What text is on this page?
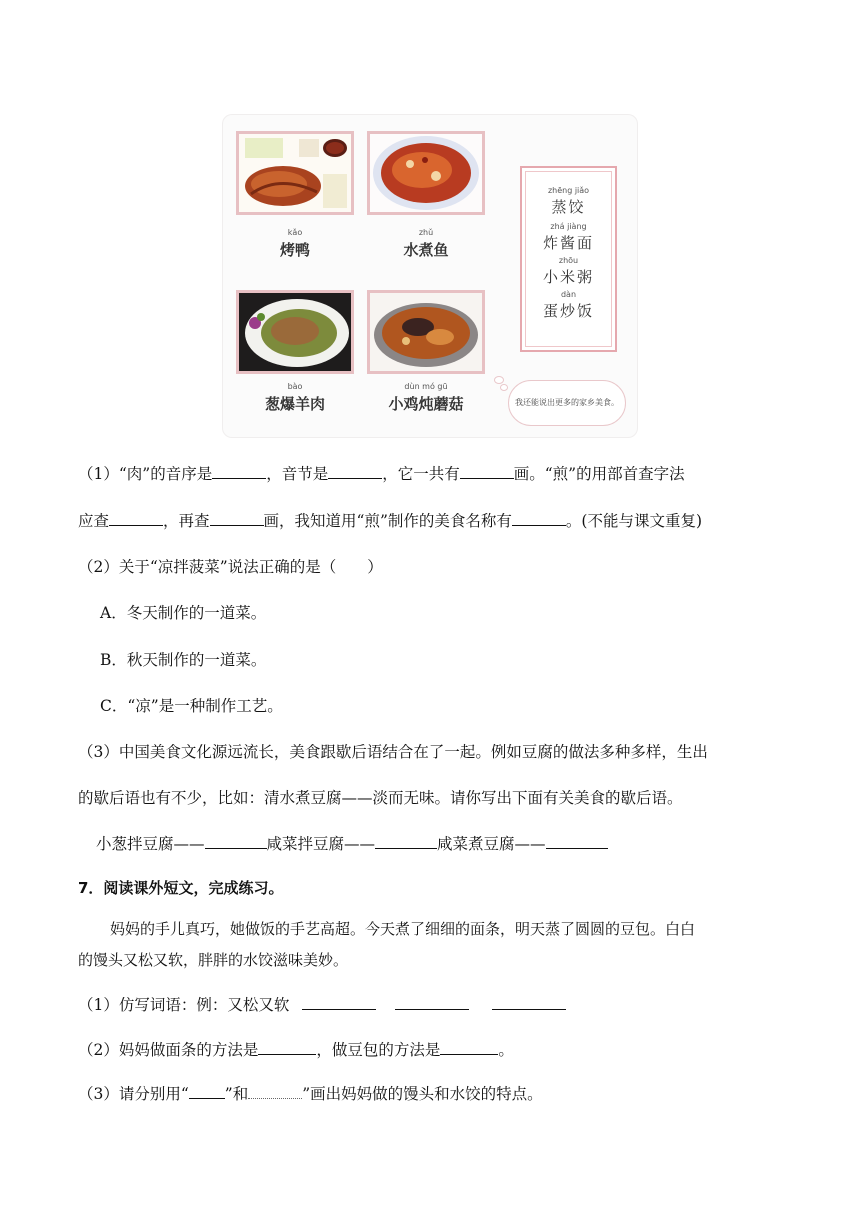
kǎo
烤鸭
zhǔ
水煮鱼
bào
葱爆羊肉
dùn mó gū
小鸡炖蘑菇
zhēng jiǎo
蒸饺
zhá jiàng
炸酱面
zhōu
小米粥
dàn
蛋炒饭
我还能说出更多的家乡美食。
（1）“肉”的音序是	，音节是	，它一共有	画。“煎”的用部首查字法
应查	，再查	画，我知道用“煎”制作的美食名称有	。(不能与课文重复)
（2）关于“凉拌菠菜”说法正确的是（　　）
A．冬天制作的一道菜。
B．秋天制作的一道菜。
C．“凉”是一种制作工艺。
（3）中国美食文化源远流长，美食跟歇后语结合在了一起。例如豆腐的做法多种多样，生出
的歇后语也有不少，比如：清水煮豆腐——淡而无味。请你写出下面有关美食的歇后语。
小葱拌豆腐——	咸菜拌豆腐——	咸菜煮豆腐——
7．阅读课外短文，完成练习。
妈妈的手儿真巧，她做饭的手艺高超。今天煮了细细的面条，明天蒸了圆圆的豆包。白白
的馒头又松又软，胖胖的水饺滋味美妙。
（1）仿写词语：例：又松又软
（2）妈妈做面条的方法是	，做豆包的方法是	。
（3）请分别用“ ”和	”画出妈妈做的馒头和水饺的特点。
